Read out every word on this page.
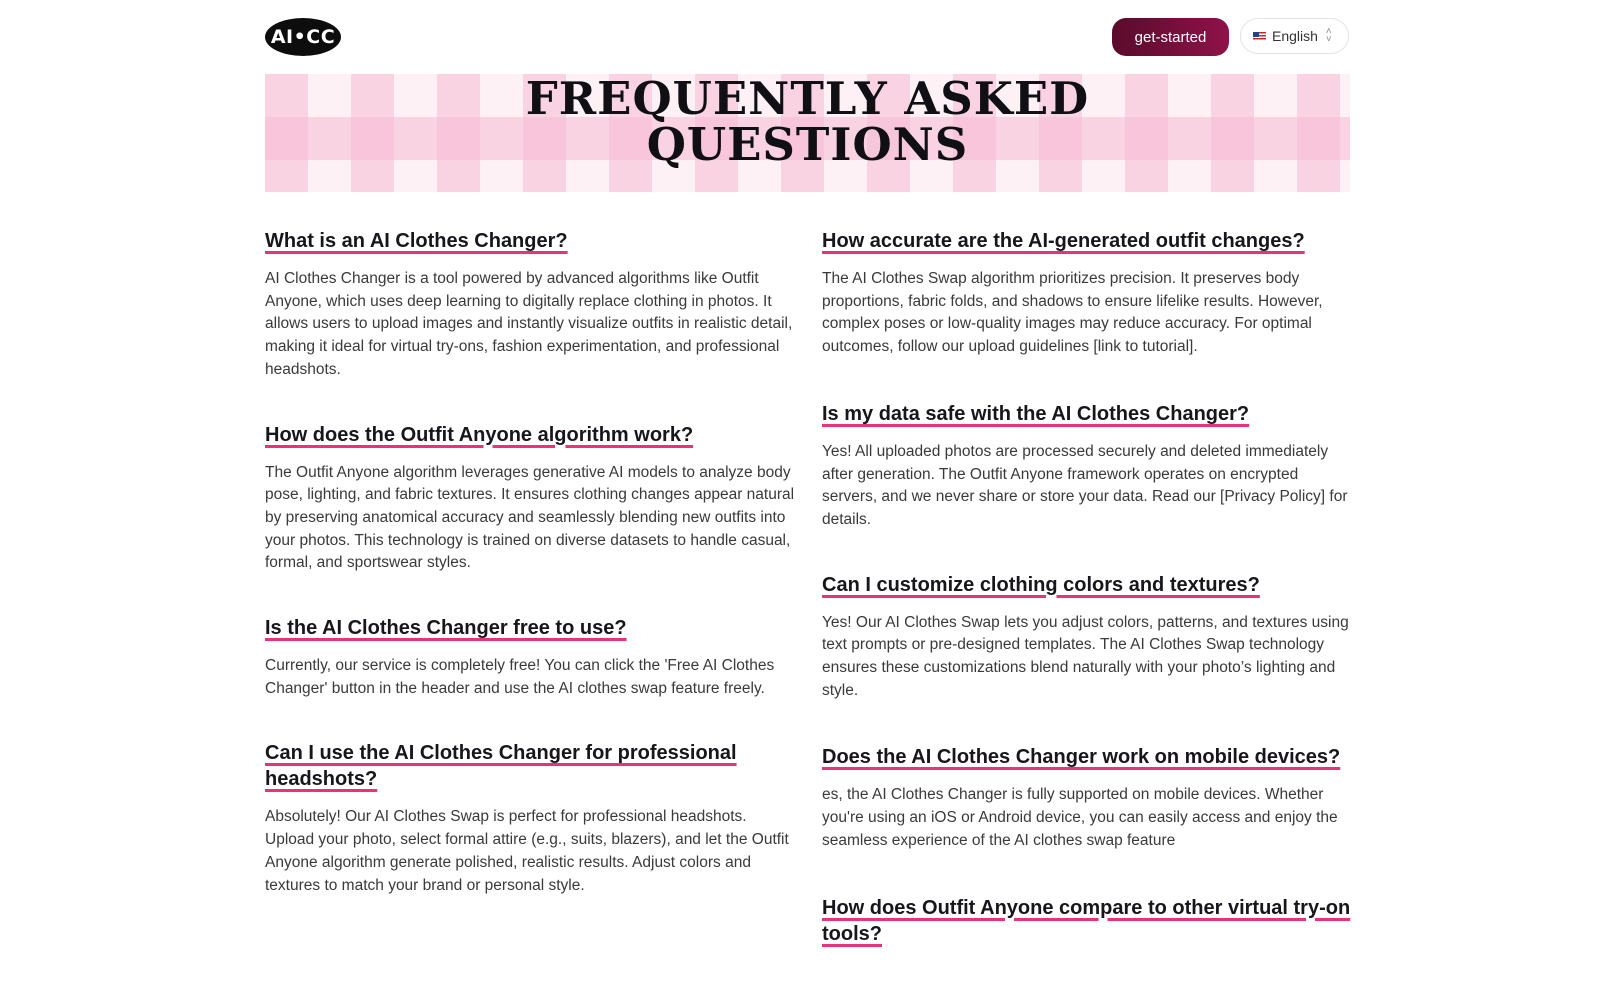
AI•CC	get-started	English ˄
˅
FREQUENTLY ASKED
QUESTIONS
What is an AI Clothes Changer?

AI Clothes Changer is a tool powered by advanced algorithms like Outfit Anyone, which uses deep learning to digitally replace clothing in photos. It allows users to upload images and instantly visualize outfits in realistic detail, making it ideal for virtual try-ons, fashion experimentation, and professional headshots.

How does the Outfit Anyone algorithm work?

The Outfit Anyone algorithm leverages generative AI models to analyze body pose, lighting, and fabric textures. It ensures clothing changes appear natural by preserving anatomical accuracy and seamlessly blending new outfits into your photos. This technology is trained on diverse datasets to handle casual, formal, and sportswear styles.

Is the AI Clothes Changer free to use?

Currently, our service is completely free! You can click the 'Free AI Clothes Changer' button in the header and use the AI clothes swap feature freely.

Can I use the AI Clothes Changer for professional headshots?

Absolutely! Our AI Clothes Swap is perfect for professional headshots. Upload your photo, select formal attire (e.g., suits, blazers), and let the Outfit Anyone algorithm generate polished, realistic results. Adjust colors and textures to match your brand or personal style.

How accurate are the AI-generated outfit changes?

The AI Clothes Swap algorithm prioritizes precision. It preserves body proportions, fabric folds, and shadows to ensure lifelike results. However, complex poses or low-quality images may reduce accuracy. For optimal outcomes, follow our upload guidelines [link to tutorial].

Is my data safe with the AI Clothes Changer?

Yes! All uploaded photos are processed securely and deleted immediately after generation. The Outfit Anyone framework operates on encrypted servers, and we never share or store your data. Read our [Privacy Policy] for details.

Can I customize clothing colors and textures?

Yes! Our AI Clothes Swap lets you adjust colors, patterns, and textures using text prompts or pre-designed templates. The AI Clothes Swap technology ensures these customizations blend naturally with your photo’s lighting and style.

Does the AI Clothes Changer work on mobile devices?

es, the AI Clothes Changer is fully supported on mobile devices. Whether you're using an iOS or Android device, you can easily access and enjoy the seamless experience of the AI clothes swap feature

How does Outfit Anyone compare to other virtual try-on tools?
